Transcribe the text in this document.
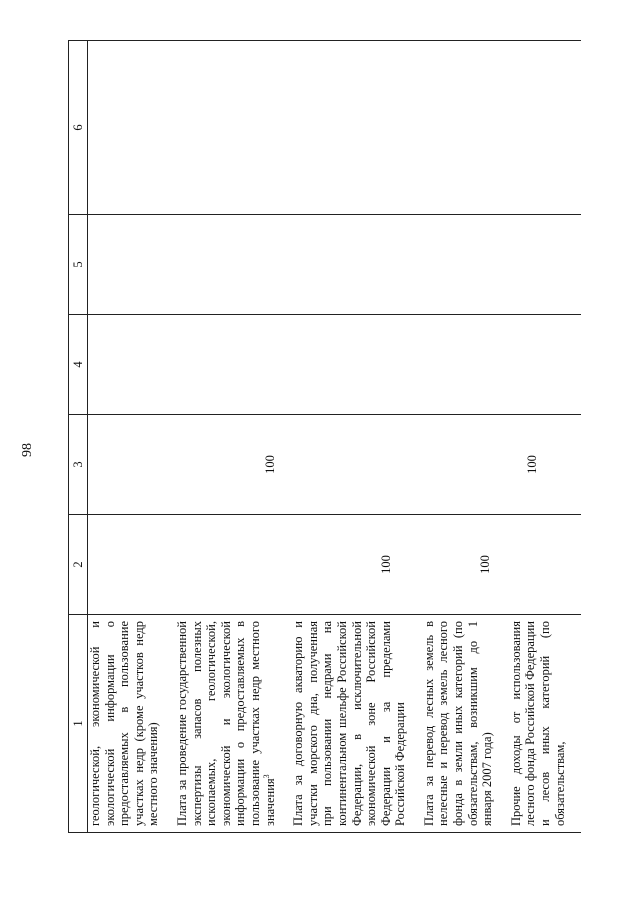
98
1	2	3	4	5	6
геологической, экономической и экологической информации о предоставляемых в пользование участках недр (кроме участков недр местного значения)					
Плата за проведение государственной экспертизы запасов полезных ископаемых, геологической, экономической и экологической информации о предоставляемых в пользование участках недр местного значения$^3$		100			
Плата за договорную акваторию и участки морского дна, полученная при пользовании недрами на континентальном шельфе Российской Федерации, в исключительной экономической зоне Российской Федерации и за пределами Российской Федерации	100				
Плата за перевод лесных земель в нелесные и перевод земель лесного фонда в земли иных категорий (по обязательствам, возникшим до 1 января 2007 года)	100				
Прочие доходы от использования лесного фонда Российской Федерации и лесов иных категорий (по обязательствам,		100			
